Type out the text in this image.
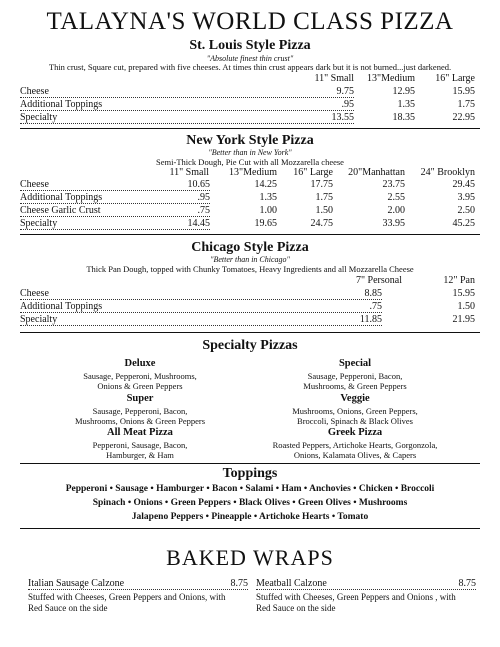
TALAYNA'S WORLD CLASS PIZZA
St. Louis Style Pizza
"Absolute finest thin crust"
Thin crust, Square cut, prepared with five cheeses. At times thin crust appears dark but it is not burned...just darkened.
11" Small 13"Medium 16" Large
Cheese	9.75	12.95	15.95
Additional Toppings	.95	1.35	1.75
Specialty	13.55	18.35	22.95
New York Style Pizza
"Better than in New York"
Semi-Thick Dough, Pie Cut with all Mozzarella cheese
11" Small 13"Medium 16" Large 20"Manhattan 24" Brooklyn
Cheese	10.65	14.25	17.75	23.75	29.45
Additional Toppings	.95	1.35	1.75	2.55	3.95
Cheese Garlic Crust	.75	1.00	1.50	2.00	2.50
Specialty	14.45	19.65	24.75	33.95	45.25
Chicago Style Pizza
"Better than in Chicago"
Thick Pan Dough, topped with Chunky Tomatoes, Heavy Ingredients and all Mozzarella Cheese
7" Personal	12" Pan
Cheese	8.85	15.95
Additional Toppings	.75	1.50
Specialty	11.85	21.95
Specialty Pizzas
Deluxe
Sausage, Pepperoni, Mushrooms,
Onions & Green Peppers
Special
Sausage, Pepperoni, Bacon,
Mushrooms, & Green Peppers
Super
Sausage, Pepperoni, Bacon,
Mushrooms, Onions & Green Peppers
Veggie
Mushrooms, Onions, Green Peppers,
Broccoli, Spinach & Black Olives
All Meat Pizza
Pepperoni, Sausage, Bacon,
Hamburger, & Ham
Greek Pizza
Roasted Peppers, Artichoke Hearts, Gorgonzola,
Onions, Kalamata Olives, & Capers
Toppings
Pepperoni • Sausage • Hamburger • Bacon • Salami • Ham • Anchovies • Chicken • Broccoli
Spinach • Onions • Green Peppers • Black Olives • Green Olives • Mushrooms
Jalapeno Peppers • Pineapple • Artichoke Hearts • Tomato
BAKED WRAPS
Italian Sausage Calzone	8.75
Stuffed with Cheeses, Green Peppers and Onions, with Red Sauce on the side
Meatball Calzone	8.75
Stuffed with Cheeses, Green Peppers and Onions , with Red Sauce on the side
